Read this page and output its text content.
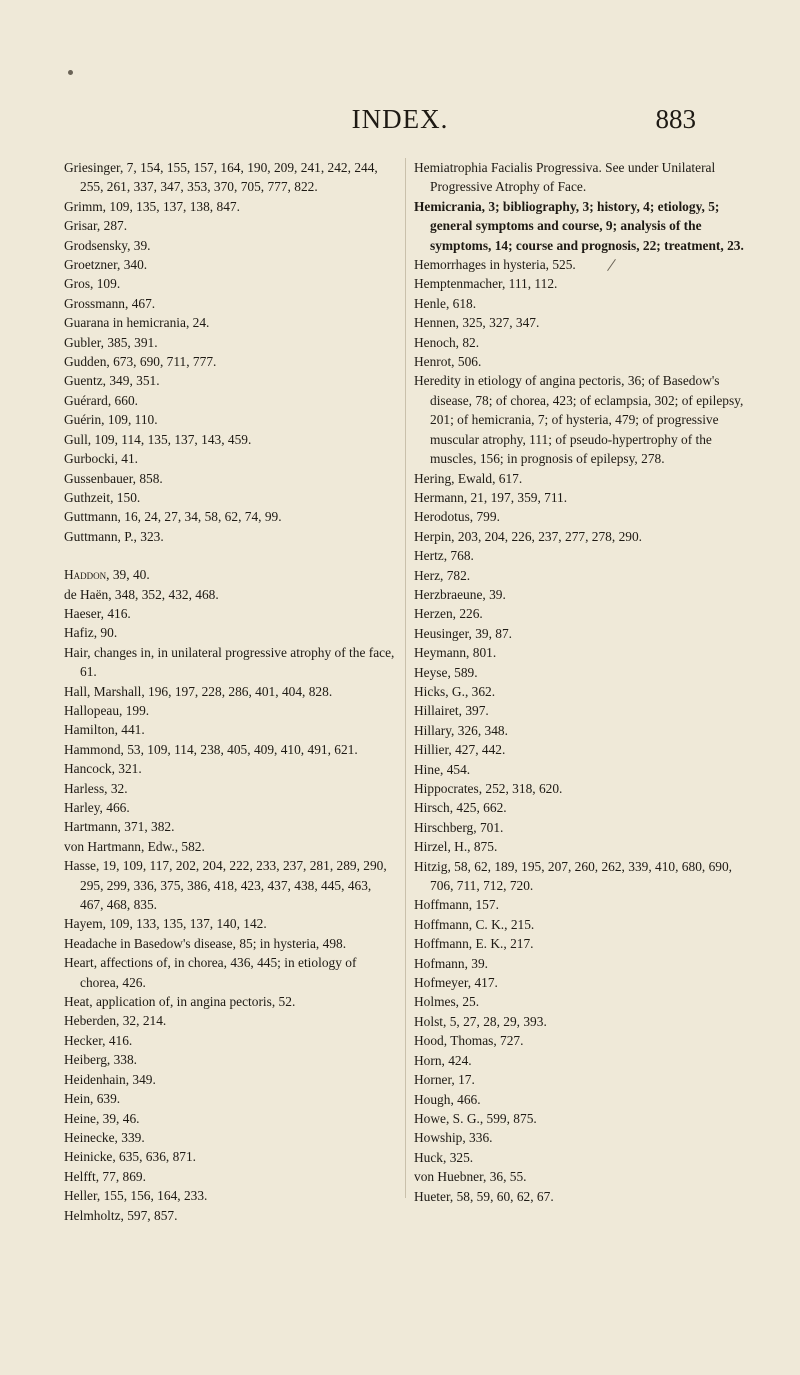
INDEX.	883
Griesinger, 7, 154, 155, 157, 164, 190, 209, 241, 242, 244, 255, 261, 337, 347, 353, 370, 705, 777, 822.
Grimm, 109, 135, 137, 138, 847.
Grisar, 287.
Grodsensky, 39.
Groetzner, 340.
Gros, 109.
Grossmann, 467.
Guarana in hemicrania, 24.
Gubler, 385, 391.
Gudden, 673, 690, 711, 777.
Guentz, 349, 351.
Guérard, 660.
Guérin, 109, 110.
Gull, 109, 114, 135, 137, 143, 459.
Gurbocki, 41.
Gussenbauer, 858.
Guthzeit, 150.
Guttmann, 16, 24, 27, 34, 58, 62, 74, 99.
Guttmann, P., 323.
Haddon, 39, 40.
de Haën, 348, 352, 432, 468.
Haeser, 416.
Hafiz, 90.
Hair, changes in, in unilateral progressive atrophy of the face, 61.
Hall, Marshall, 196, 197, 228, 286, 401, 404, 828.
Hallopeau, 199.
Hamilton, 441.
Hammond, 53, 109, 114, 238, 405, 409, 410, 491, 621.
Hancock, 321.
Harless, 32.
Harley, 466.
Hartmann, 371, 382.
von Hartmann, Edw., 582.
Hasse, 19, 109, 117, 202, 204, 222, 233, 237, 281, 289, 290, 295, 299, 336, 375, 386, 418, 423, 437, 438, 445, 463, 467, 468, 835.
Hayem, 109, 133, 135, 137, 140, 142.
Headache in Basedow's disease, 85; in hysteria, 498.
Heart, affections of, in chorea, 436, 445; in etiology of chorea, 426.
Heat, application of, in angina pectoris, 52.
Heberden, 32, 214.
Hecker, 416.
Heiberg, 338.
Heidenhain, 349.
Hein, 639.
Heine, 39, 46.
Heinecke, 339.
Heinicke, 635, 636, 871.
Helfft, 77, 869.
Heller, 155, 156, 164, 233.
Helmholtz, 597, 857.
Hemiatrophia Facialis Progressiva. See under Unilateral Progressive Atrophy of Face.
Hemicrania, 3; bibliography, 3; history, 4; etiology, 5; general symptoms and course, 9; analysis of the symptoms, 14; course and prognosis, 22; treatment, 23.
Hemorrhages in hysteria, 525.
Hemptenmacher, 111, 112.
Henle, 618.
Hennen, 325, 327, 347.
Henoch, 82.
Henrot, 506.
Heredity in etiology of angina pectoris, 36; of Basedow's disease, 78; of chorea, 423; of eclampsia, 302; of epilepsy, 201; of hemicrania, 7; of hysteria, 479; of progressive muscular atrophy, 111; of pseudo-hypertrophy of the muscles, 156; in prognosis of epilepsy, 278.
Hering, Ewald, 617.
Hermann, 21, 197, 359, 711.
Herodotus, 799.
Herpin, 203, 204, 226, 237, 277, 278, 290.
Hertz, 768.
Herz, 782.
Herzbraeune, 39.
Herzen, 226.
Heusinger, 39, 87.
Heymann, 801.
Heyse, 589.
Hicks, G., 362.
Hillairet, 397.
Hillary, 326, 348.
Hillier, 427, 442.
Hine, 454.
Hippocrates, 252, 318, 620.
Hirsch, 425, 662.
Hirschberg, 701.
Hirzel, H., 875.
Hitzig, 58, 62, 189, 195, 207, 260, 262, 339, 410, 680, 690, 706, 711, 712, 720.
Hoffmann, 157.
Hoffmann, C. K., 215.
Hoffmann, E. K., 217.
Hofmann, 39.
Hofmeyer, 417.
Holmes, 25.
Holst, 5, 27, 28, 29, 393.
Hood, Thomas, 727.
Horn, 424.
Horner, 17.
Hough, 466.
Howe, S. G., 599, 875.
Howship, 336.
Huck, 325.
von Huebner, 36, 55.
Hueter, 58, 59, 60, 62, 67.
